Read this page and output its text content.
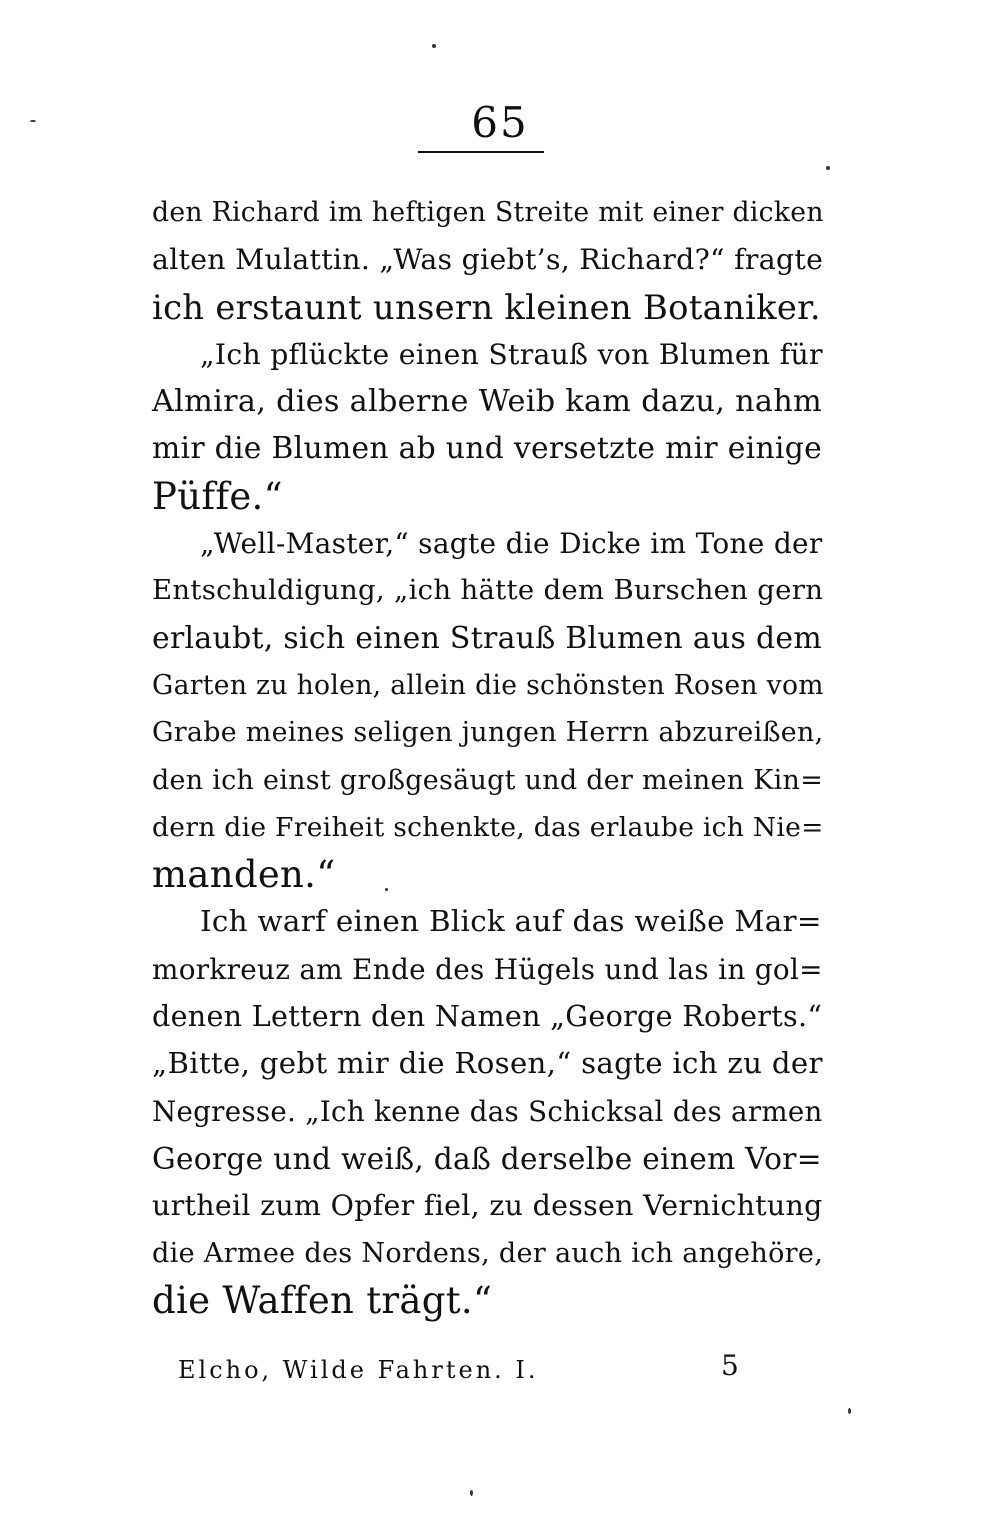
65
den Richard im heftigen Streite mit einer dicken
alten Mulattin. „Was giebt’s, Richard?“ fragte
ich erstaunt unsern kleinen Botaniker.
„Ich pflückte einen Strauß von Blumen für
Almira, dies alberne Weib kam dazu, nahm
mir die Blumen ab und versetzte mir einige
Püffe.“
„Well-Master,“ sagte die Dicke im Tone der
Entschuldigung, „ich hätte dem Burschen gern
erlaubt, sich einen Strauß Blumen aus dem
Garten zu holen, allein die schönsten Rosen vom
Grabe meines seligen jungen Herrn abzureißen,
den ich einst großgesäugt und der meinen Kin=
dern die Freiheit schenkte, das erlaube ich Nie=
manden.“
Ich warf einen Blick auf das weiße Mar=
morkreuz am Ende des Hügels und las in gol=
denen Lettern den Namen „George Roberts.“
„Bitte, gebt mir die Rosen,“ sagte ich zu der
Negresse. „Ich kenne das Schicksal des armen
George und weiß, daß derselbe einem Vor=
urtheil zum Opfer fiel, zu dessen Vernichtung
die Armee des Nordens, der auch ich angehöre,
die Waffen trägt.“
Elcho, Wilde Fahrten. I.	5
